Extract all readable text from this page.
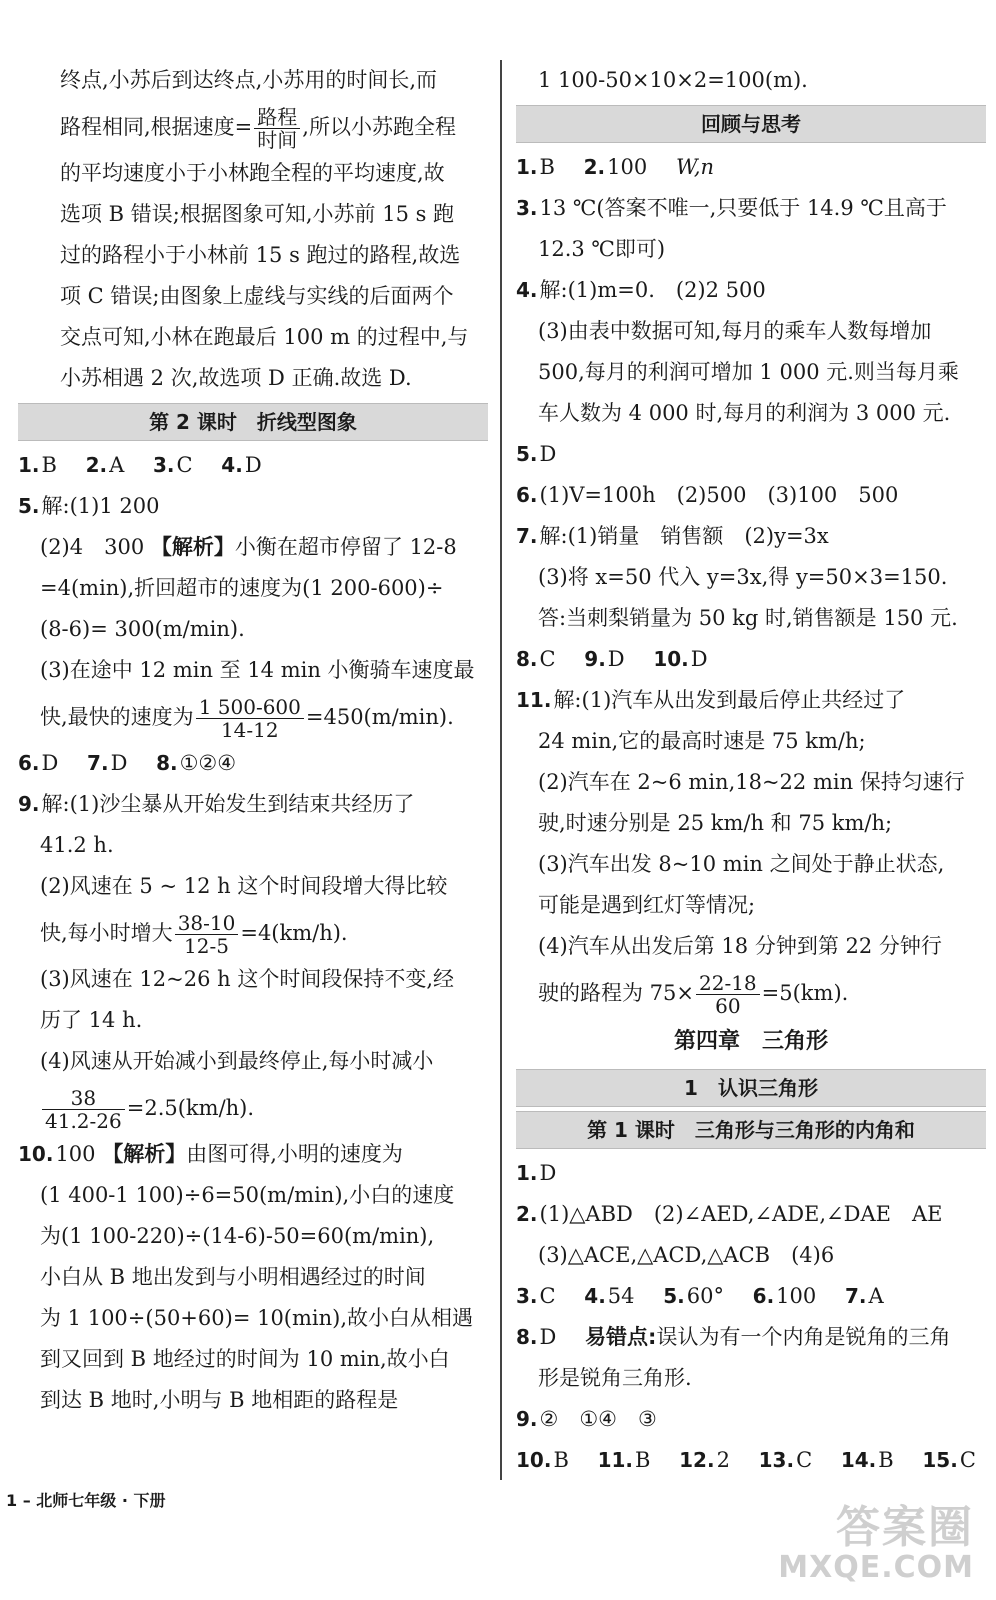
终点,小苏后到达终点,小苏用的时间长,而
路程相同,根据速度= $\frac{\text{路程}}{\text{时间}}$ ,所以小苏跑全程
的平均速度小于小林跑全程的平均速度,故
选项 B 错误;根据图象可知,小苏前 15 s 跑
过的路程小于小林前 15 s 跑过的路程,故选
项 C 错误;由图象上虚线与实线的后面两个
交点可知,小林在跑最后 100 m 的过程中,与
小苏相遇 2 次,故选项 D 正确.故选 D.
第 2 课时　折线型图象
1.B 2.A 3.C 4.D
5.解:(1)1 200
(2)4　300 【解析】小衡在超市停留了 12-8
=4(min),折回超市的速度为(1 200-600)÷
(8-6)= 300(m/min).
(3)在途中 12 min 至 14 min 小衡骑车速度最
快,最快的速度为 $\frac{1 500-600}{14-12} =450(m/\min)$.
6.D 7.D 8.①②④
9.解:(1)沙尘暴从开始发生到结束共经历了
41.2 h.
(2)风速在 5 ~ 12 h 这个时间段增大得比较
快,每小时增大 $\frac{38-10}{12-5} =4(km/h)$.
(3)风速在 12~26 h 这个时间段保持不变,经
历了 14 h.
(4)风速从开始减小到最终停止,每小时减小
$\frac{38}{41.2-26} =2.5(km/h)$.
10.100 【解析】由图可得,小明的速度为
(1 400-1 100)÷6=50(m/min),小白的速度
为(1 100-220)÷(14-6)-50=60(m/min),
小白从 B 地出发到与小明相遇经过的时间
为 1 100÷(50+60)= 10(min),故小白从相遇
到又回到 B 地经过的时间为 10 min,故小白
到达 B 地时,小明与 B 地相距的路程是
1 100-50×10×2=100(m).
回顾与思考
1.B 2.100 W,n
3.13 ℃(答案不唯一,只要低于 14.9 ℃且高于
12.3 ℃即可)
4.解:(1)m=0.　(2)2 500
(3)由表中数据可知,每月的乘车人数每增加
500,每月的利润可增加 1 000 元.则当每月乘
车人数为 4 000 时,每月的利润为 3 000 元.
5.D
6.(1)V=100h　(2)500　(3)100　500
7.解:(1)销量　销售额　(2)y=3x
(3)将 x=50 代入 y=3x,得 y=50×3=150.
答:当刺梨销量为 50 kg 时,销售额是 150 元.
8.C 9.D 10.D
11.解:(1)汽车从出发到最后停止共经过了
24 min,它的最高时速是 75 km/h;
(2)汽车在 2~6 min,18~22 min 保持匀速行
驶,时速分别是 25 km/h 和 75 km/h;
(3)汽车出发 8~10 min 之间处于静止状态,
可能是遇到红灯等情况;
(4)汽车从出发后第 18 分钟到第 22 分钟行
驶的路程为 $75\times \frac{22-18}{60} =5(km)$.
第四章　三角形
1　认识三角形
第 1 课时　三角形与三角形的内角和
1.D
2.(1)△ABD　(2)∠AED,∠ADE,∠DAE　AE
(3)△ACE,△ACD,△ACB　(4)6
3.C 4.54 5.60° 6.100 7.A
8.D 易错点:误认为有一个内角是锐角的三角
形是锐角三角形.
9.②　①④　③
10.B 11.B 12.2 13.C 14.B 15.C
1 – 北师七年级 · 下册
答案圈
MXQE.COM
